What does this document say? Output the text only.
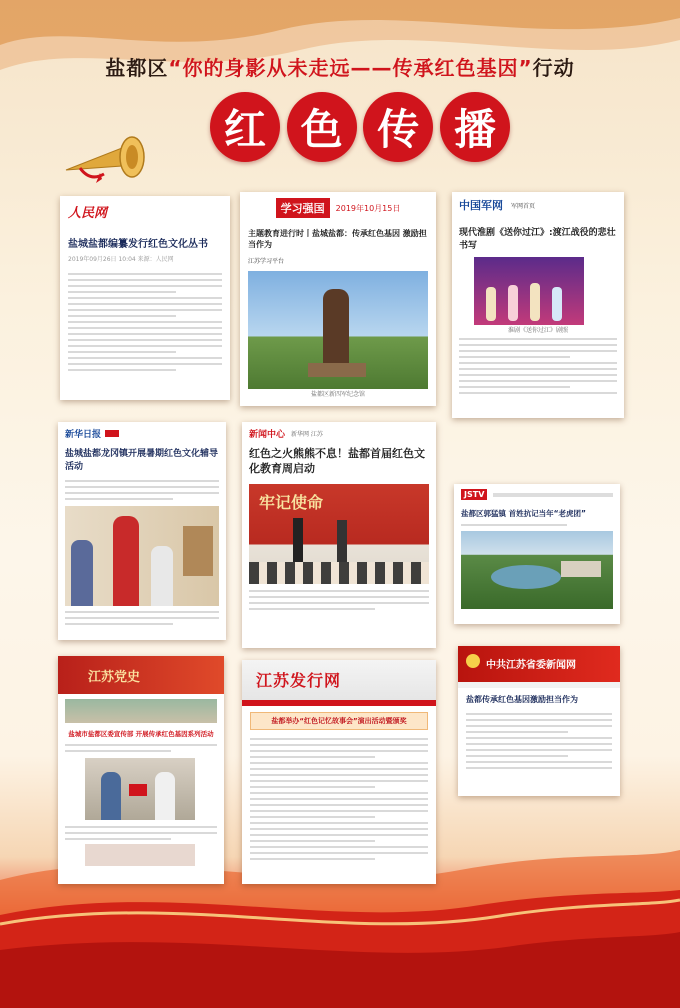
盐都区“你的身影从未走远——传承红色基因”行动
红 色 传 播
人民网
盐城盐都编纂发行红色文化丛书
2019年09月26日 10:04 来源：人民网
学习强国	2019年10月15日
主题教育进行时丨盐城盐都：传承红色基因 激励担当作为
江苏学习平台
盐都区新四军纪念馆
中国军网 军网首页
现代淮剧《送你过江》:渡江战役的悲壮书写
淮剧《送你过江》剧照
新华日报
盐城盐都龙冈镇开展暑期红色文化辅导活动
新闻中心 新华网 江苏
红色之火熊熊不息！盐都首届红色文化教育周启动
牢记使命	JSTV
盐都区郭猛镇 首姓抗记当年“老虎团”
江苏党史
盐城市盐都区委宣传部 开展传承红色基因系列活动
江苏发行网
盐都举办“红色记忆故事会”演出活动暨颁奖
中共江苏省委新闻网
盐都传承红色基因激励担当作为
